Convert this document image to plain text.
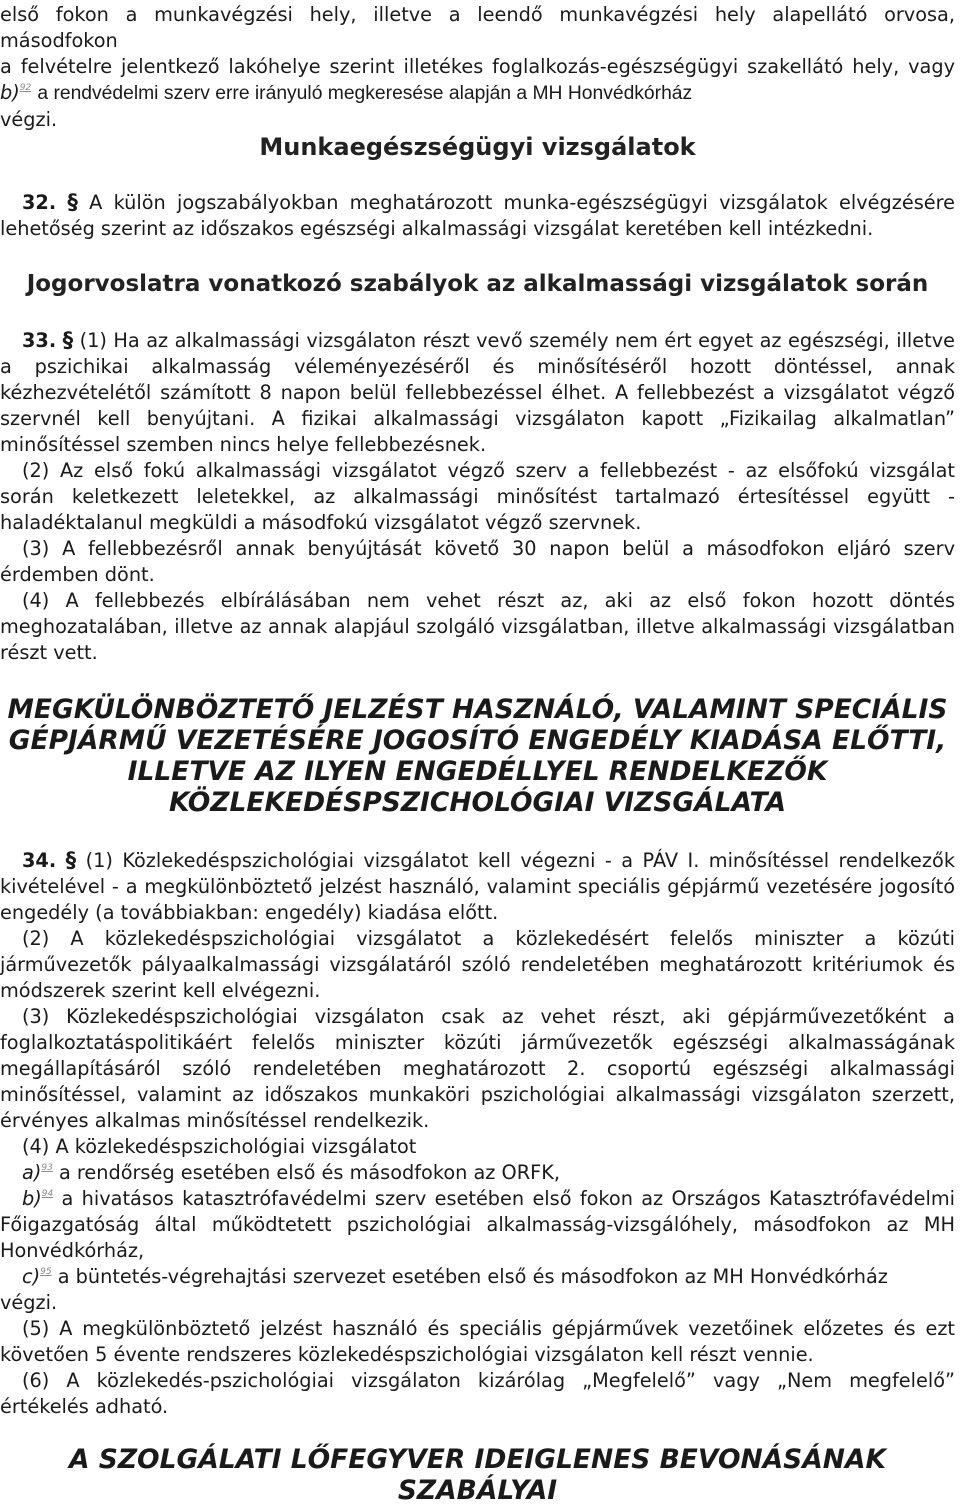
első fokon a munkavégzési hely, illetve a leendő munkavégzési hely alapellátó orvosa, másodfokon

a felvételre jelentkező lakóhelye szerint illetékes foglalkozás-egészségügyi szakellátó hely, vagy

b)$^{92}$ a rendvédelmi szerv erre irányuló megkeresése alapján a MH Honvédkórház

végzi.

Munkaegészségügyi vizsgálatok

32. § A külön jogszabályokban meghatározott munka-egészségügyi vizsgálatok elvégzésére lehetőség szerint az időszakos egészségi alkalmassági vizsgálat keretében kell intézkedni.

Jogorvoslatra vonatkozó szabályok az alkalmassági vizsgálatok során

33. § (1) Ha az alkalmassági vizsgálaton részt vevő személy nem ért egyet az egészségi, illetve a pszichikai alkalmasság véleményezéséről és minősítéséről hozott döntéssel, annak kézhezvételétől számított 8 napon belül fellebbezéssel élhet. A fellebbezést a vizsgálatot végző szervnél kell benyújtani. A fizikai alkalmassági vizsgálaton kapott „Fizikailag alkalmatlan” minősítéssel szemben nincs helye fellebbezésnek.

(2) Az első fokú alkalmassági vizsgálatot végző szerv a fellebbezést - az elsőfokú vizsgálat során keletkezett leletekkel, az alkalmassági minősítést tartalmazó értesítéssel együtt - haladéktalanul megküldi a másodfokú vizsgálatot végző szervnek.

(3) A fellebbezésről annak benyújtását követő 30 napon belül a másodfokon eljáró szerv érdemben dönt.

(4) A fellebbezés elbírálásában nem vehet részt az, aki az első fokon hozott döntés meghozatalában, illetve az annak alapjául szolgáló vizsgálatban, illetve alkalmassági vizsgálatban részt vett.

MEGKÜLÖNBÖZTETŐ JELZÉST HASZNÁLÓ, VALAMINT SPECIÁLIS
GÉPJÁRMŰ VEZETÉSÉRE JOGOSÍTÓ ENGEDÉLY KIADÁSA ELŐTTI,
ILLETVE AZ ILYEN ENGEDÉLLYEL RENDELKEZŐK
KÖZLEKEDÉSPSZICHOLÓGIAI VIZSGÁLATA

34. § (1) Közlekedéspszichológiai vizsgálatot kell végezni - a PÁV I. minősítéssel rendelkezők kivételével - a megkülönböztető jelzést használó, valamint speciális gépjármű vezetésére jogosító engedély (a továbbiakban: engedély) kiadása előtt.

(2) A közlekedéspszichológiai vizsgálatot a közlekedésért felelős miniszter a közúti járművezetők pályaalkalmassági vizsgálatáról szóló rendeletében meghatározott kritériumok és módszerek szerint kell elvégezni.

(3) Közlekedéspszichológiai vizsgálaton csak az vehet részt, aki gépjárművezetőként a foglalkoztatáspolitikáért felelős miniszter közúti járművezetők egészségi alkalmasságának megállapításáról szóló rendeletében meghatározott 2. csoportú egészségi alkalmassági minősítéssel, valamint az időszakos munkaköri pszichológiai alkalmassági vizsgálaton szerzett, érvényes alkalmas minősítéssel rendelkezik.

(4) A közlekedéspszichológiai vizsgálatot

a)$^{93}$ a rendőrség esetében első és másodfokon az ORFK,

b)$^{94}$ a hivatásos katasztrófavédelmi szerv esetében első fokon az Országos Katasztrófavédelmi Főigazgatóság által működtetett pszichológiai alkalmasság-vizsgálóhely, másodfokon az MH Honvédkórház,

c)$^{95}$ a büntetés-végrehajtási szervezet esetében első és másodfokon az MH Honvédkórház

végzi.

(5) A megkülönböztető jelzést használó és speciális gépjárművek vezetőinek előzetes és ezt követően 5 évente rendszeres közlekedéspszichológiai vizsgálaton kell részt vennie.

(6) A közlekedés-pszichológiai vizsgálaton kizárólag „Megfelelő” vagy „Nem megfelelő” értékelés adható.

A SZOLGÁLATI LŐFEGYVER IDEIGLENES BEVONÁSÁNAK SZABÁLYAI
